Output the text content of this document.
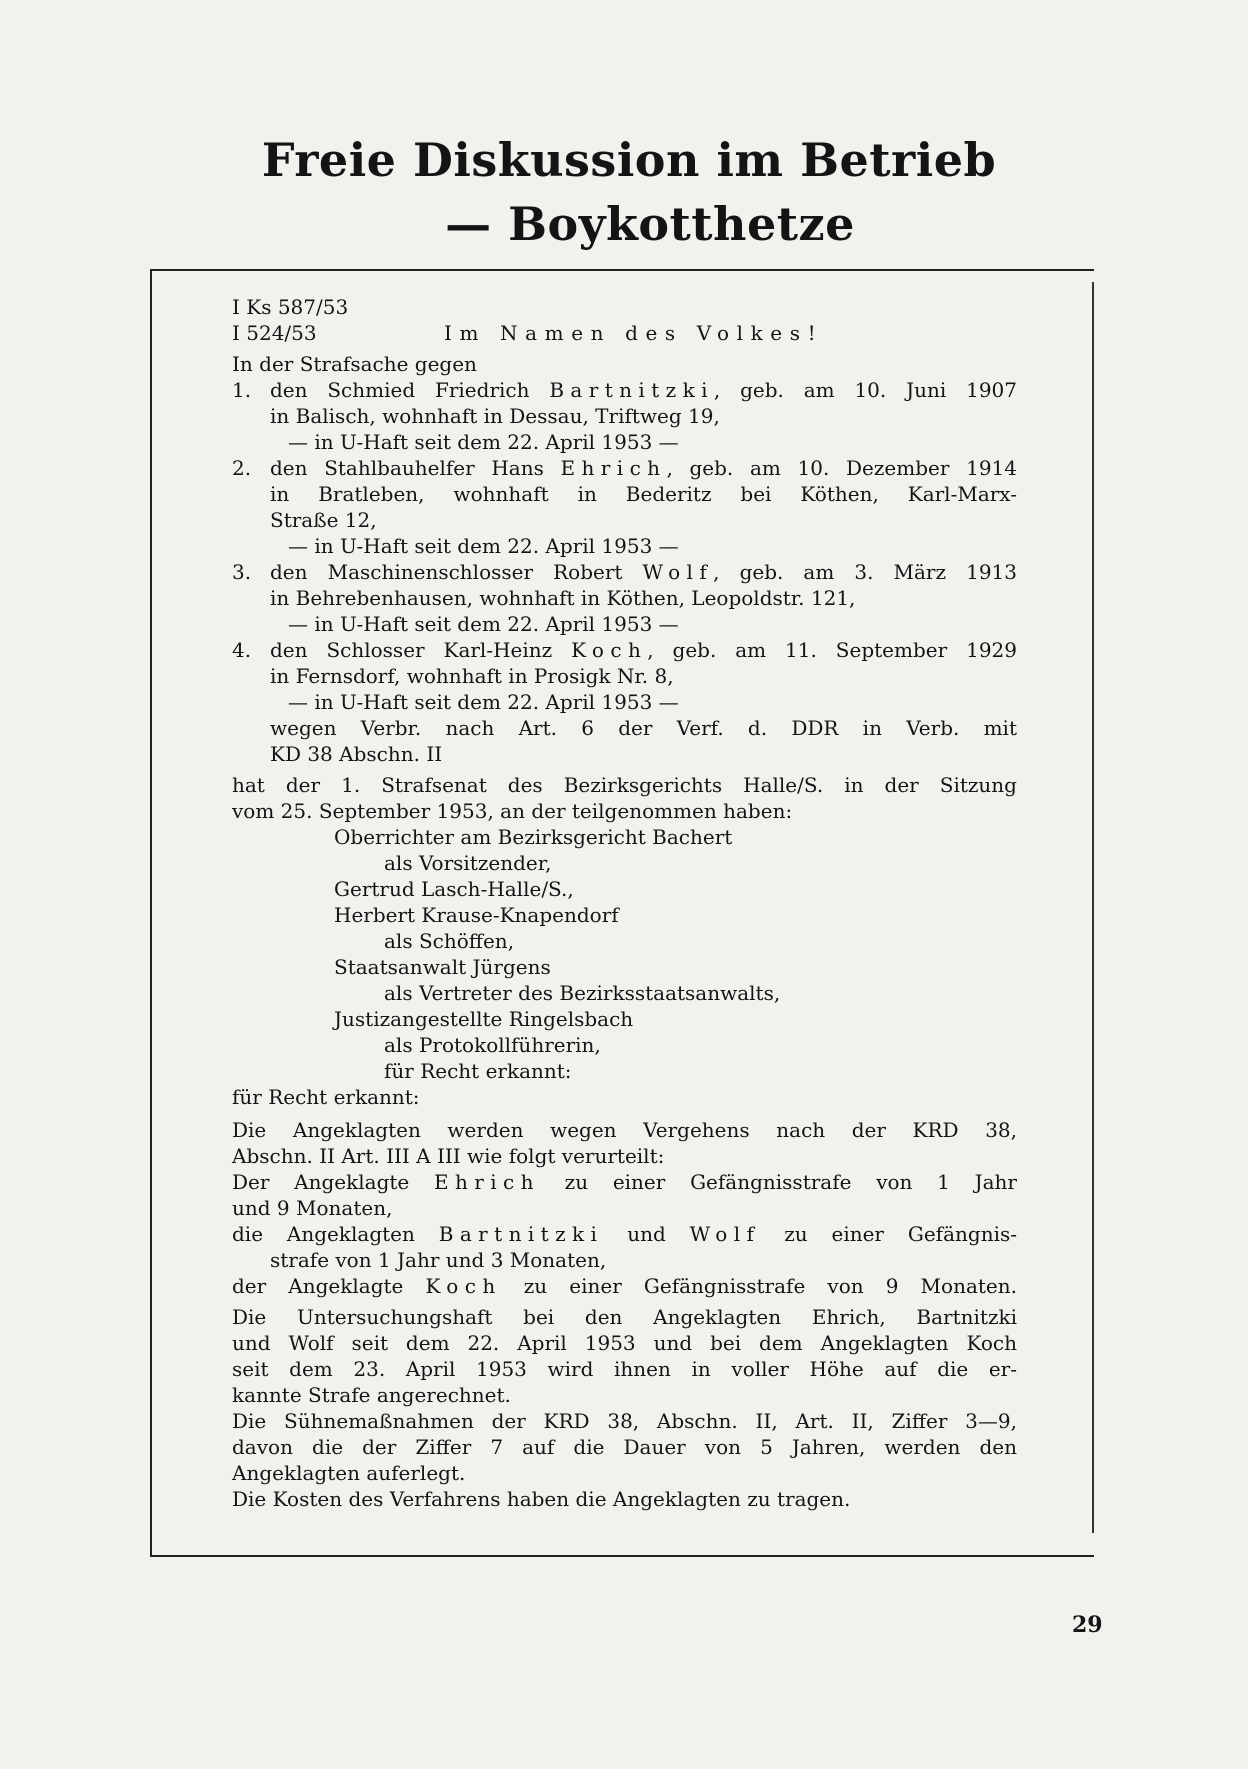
Freie Diskussion im Betrieb
— Boykotthetze
I Ks 587/53
I 524/53	Im Namen des Volkes!
In der Strafsache gegen
1. den Schmied Friedrich Bartnitzki, geb. am 10. Juni 1907
in Balisch, wohnhaft in Dessau, Triftweg 19,
— in U-Haft seit dem 22. April 1953 —
2. den Stahlbauhelfer Hans Ehrich, geb. am 10. Dezember 1914
in Bratleben, wohnhaft in Bederitz bei Köthen, Karl-Marx-
Straße 12,
— in U-Haft seit dem 22. April 1953 —
3. den Maschinenschlosser Robert Wolf, geb. am 3. März 1913
in Behrebenhausen, wohnhaft in Köthen, Leopoldstr. 121,
— in U-Haft seit dem 22. April 1953 —
4. den Schlosser Karl-Heinz Koch, geb. am 11. September 1929
in Fernsdorf, wohnhaft in Prosigk Nr. 8,
— in U-Haft seit dem 22. April 1953 —
wegen Verbr. nach Art. 6 der Verf. d. DDR in Verb. mit
KD 38 Abschn. II
hat der 1. Strafsenat des Bezirksgerichts Halle/S. in der Sitzung
vom 25. September 1953, an der teilgenommen haben:
Oberrichter am Bezirksgericht Bachert
als Vorsitzender,
Gertrud Lasch-Halle/S.,
Herbert Krause-Knapendorf
als Schöffen,
Staatsanwalt Jürgens
als Vertreter des Bezirksstaatsanwalts,
Justizangestellte Ringelsbach
als Protokollführerin,
für Recht erkannt:
für Recht erkannt:
Die Angeklagten werden wegen Vergehens nach der KRD 38,
Abschn. II Art. III A III wie folgt verurteilt:
Der Angeklagte Ehrich zu einer Gefängnisstrafe von 1 Jahr
und 9 Monaten,
die Angeklagten Bartnitzki und Wolf zu einer Gefängnis-
strafe von 1 Jahr und 3 Monaten,
der Angeklagte Koch zu einer Gefängnisstrafe von 9 Monaten.
Die Untersuchungshaft bei den Angeklagten Ehrich, Bartnitzki
und Wolf seit dem 22. April 1953 und bei dem Angeklagten Koch
seit dem 23. April 1953 wird ihnen in voller Höhe auf die er-
kannte Strafe angerechnet.
Die Sühnemaßnahmen der KRD 38, Abschn. II, Art. II, Ziffer 3—9,
davon die der Ziffer 7 auf die Dauer von 5 Jahren, werden den
Angeklagten auferlegt.
Die Kosten des Verfahrens haben die Angeklagten zu tragen.
29
